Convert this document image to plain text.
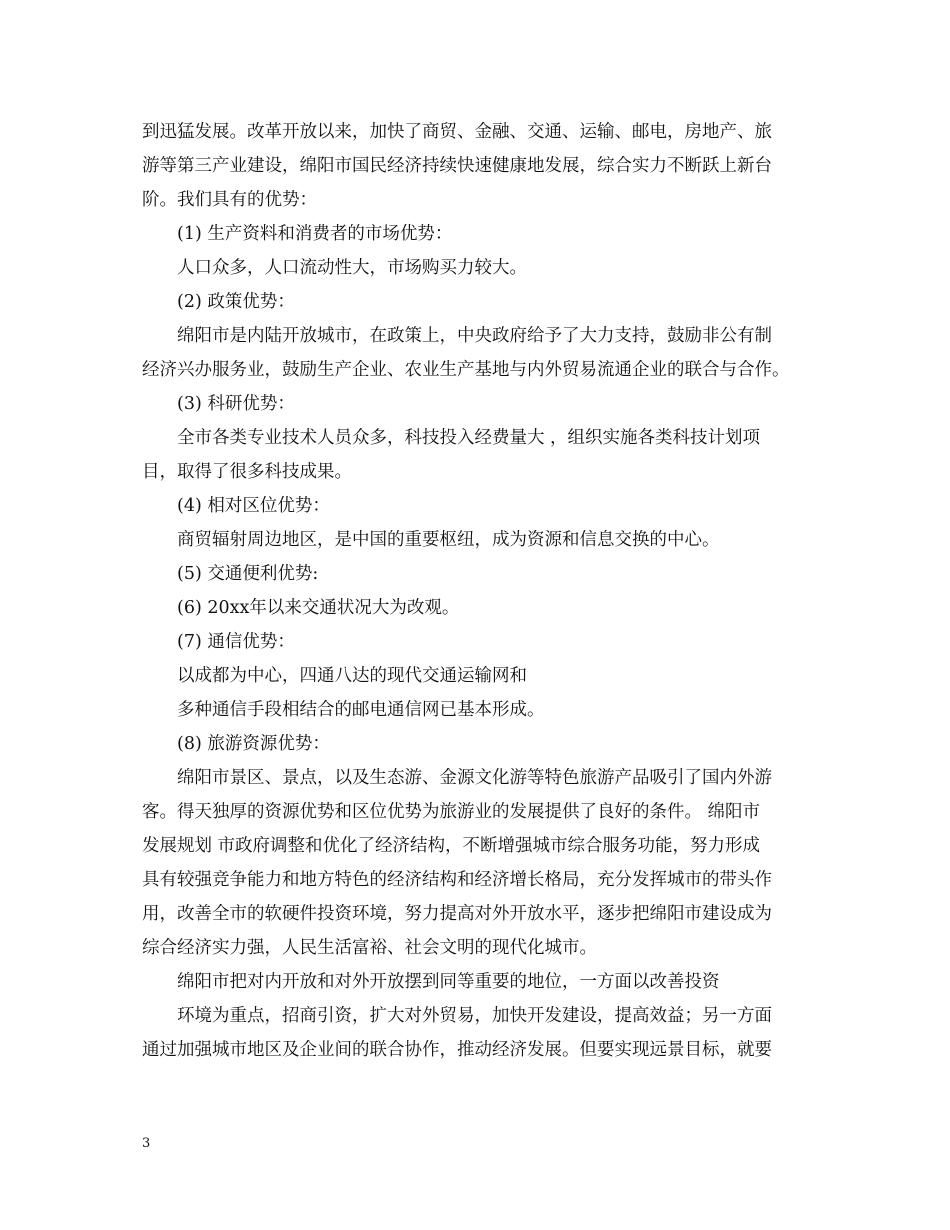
到迅猛发展。改革开放以来，加快了商贸、金融、交通、运输、邮电，房地产、旅
游等第三产业建设，绵阳市国民经济持续快速健康地发展，综合实力不断跃上新台
阶。我们具有的优势：
(1) 生产资料和消费者的市场优势：
人口众多，人口流动性大，市场购买力较大。
(2) 政策优势：
绵阳市是内陆开放城市，在政策上，中央政府给予了大力支持，鼓励非公有制
经济兴办服务业，鼓励生产企业、农业生产基地与内外贸易流通企业的联合与合作。
(3) 科研优势：
全市各类专业技术人员众多，科技投入经费量大 ，组织实施各类科技计划项
目，取得了很多科技成果。
(4) 相对区位优势：
商贸辐射周边地区，是中国的重要枢纽，成为资源和信息交换的中心。
(5) 交通便利优势:
(6) 20xx年以来交通状况大为改观。
(7) 通信优势：
以成都为中心，四通八达的现代交通运输网和
多种通信手段相结合的邮电通信网已基本形成。
(8) 旅游资源优势：
绵阳市景区、景点，以及生态游、金源文化游等特色旅游产品吸引了国内外游
客。得天独厚的资源优势和区位优势为旅游业的发展提供了良好的条件。 绵阳市
发展规划 市政府调整和优化了经济结构，不断增强城市综合服务功能，努力形成
具有较强竞争能力和地方特色的经济结构和经济增长格局，充分发挥城市的带头作
用，改善全市的软硬件投资环境，努力提高对外开放水平，逐步把绵阳市建设成为
综合经济实力强，人民生活富裕、社会文明的现代化城市。
绵阳市把对内开放和对外开放摆到同等重要的地位，一方面以改善投资
环境为重点，招商引资，扩大对外贸易，加快开发建设，提高效益；另一方面
通过加强城市地区及企业间的联合协作，推动经济发展。但要实现远景目标，就要
3
